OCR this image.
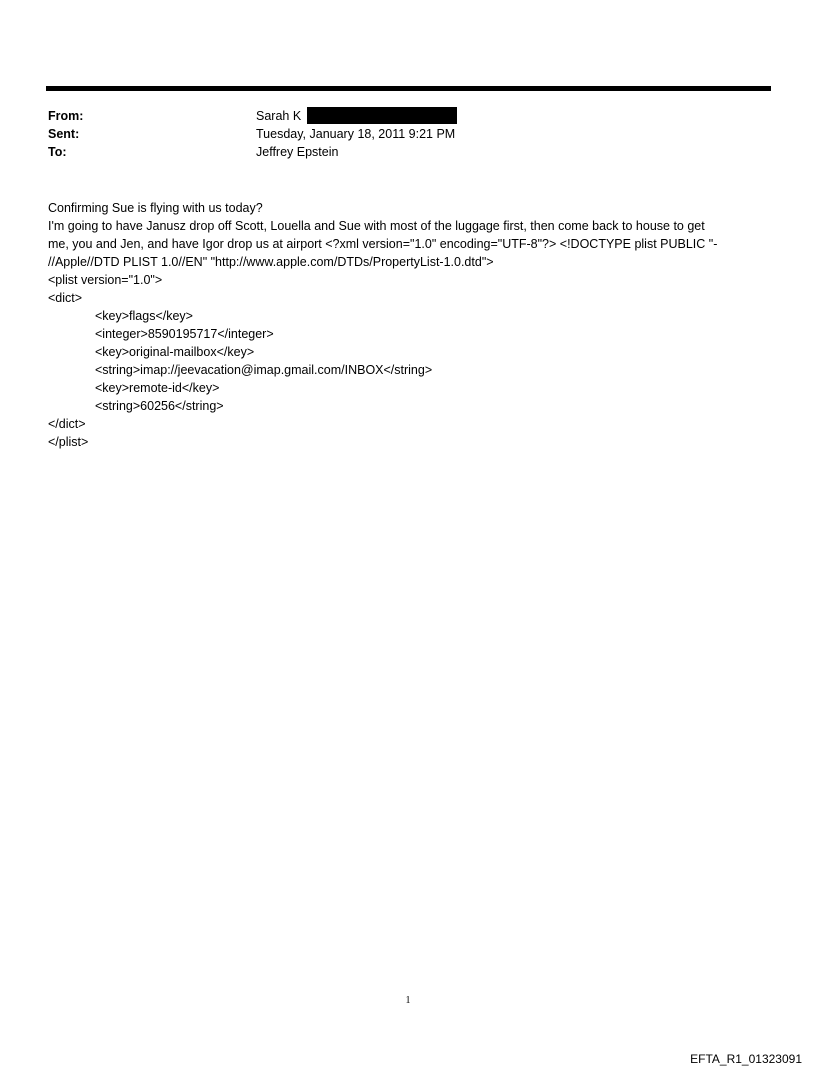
From:	Sarah K
Sent:	Tuesday, January 18, 2011 9:21 PM
To:	Jeffrey Epstein
Confirming Sue is flying with us today?
I'm going to have Janusz drop off Scott, Louella and Sue with most of the luggage first, then come back to house to get
me, you and Jen, and have Igor drop us at airport <?xml version="1.0" encoding="UTF-8"?> <!DOCTYPE plist PUBLIC "-
//Apple//DTD PLIST 1.0//EN" "http://www.apple.com/DTDs/PropertyList-1.0.dtd">
<plist version="1.0">
<dict>
<key>flags</key>
<integer>8590195717</integer>
<key>original-mailbox</key>
<string>imap://jeevacation@imap.gmail.com/INBOX</string>
<key>remote-id</key>
<string>60256</string>
</dict>
</plist>
1
EFTA_R1_01323091
